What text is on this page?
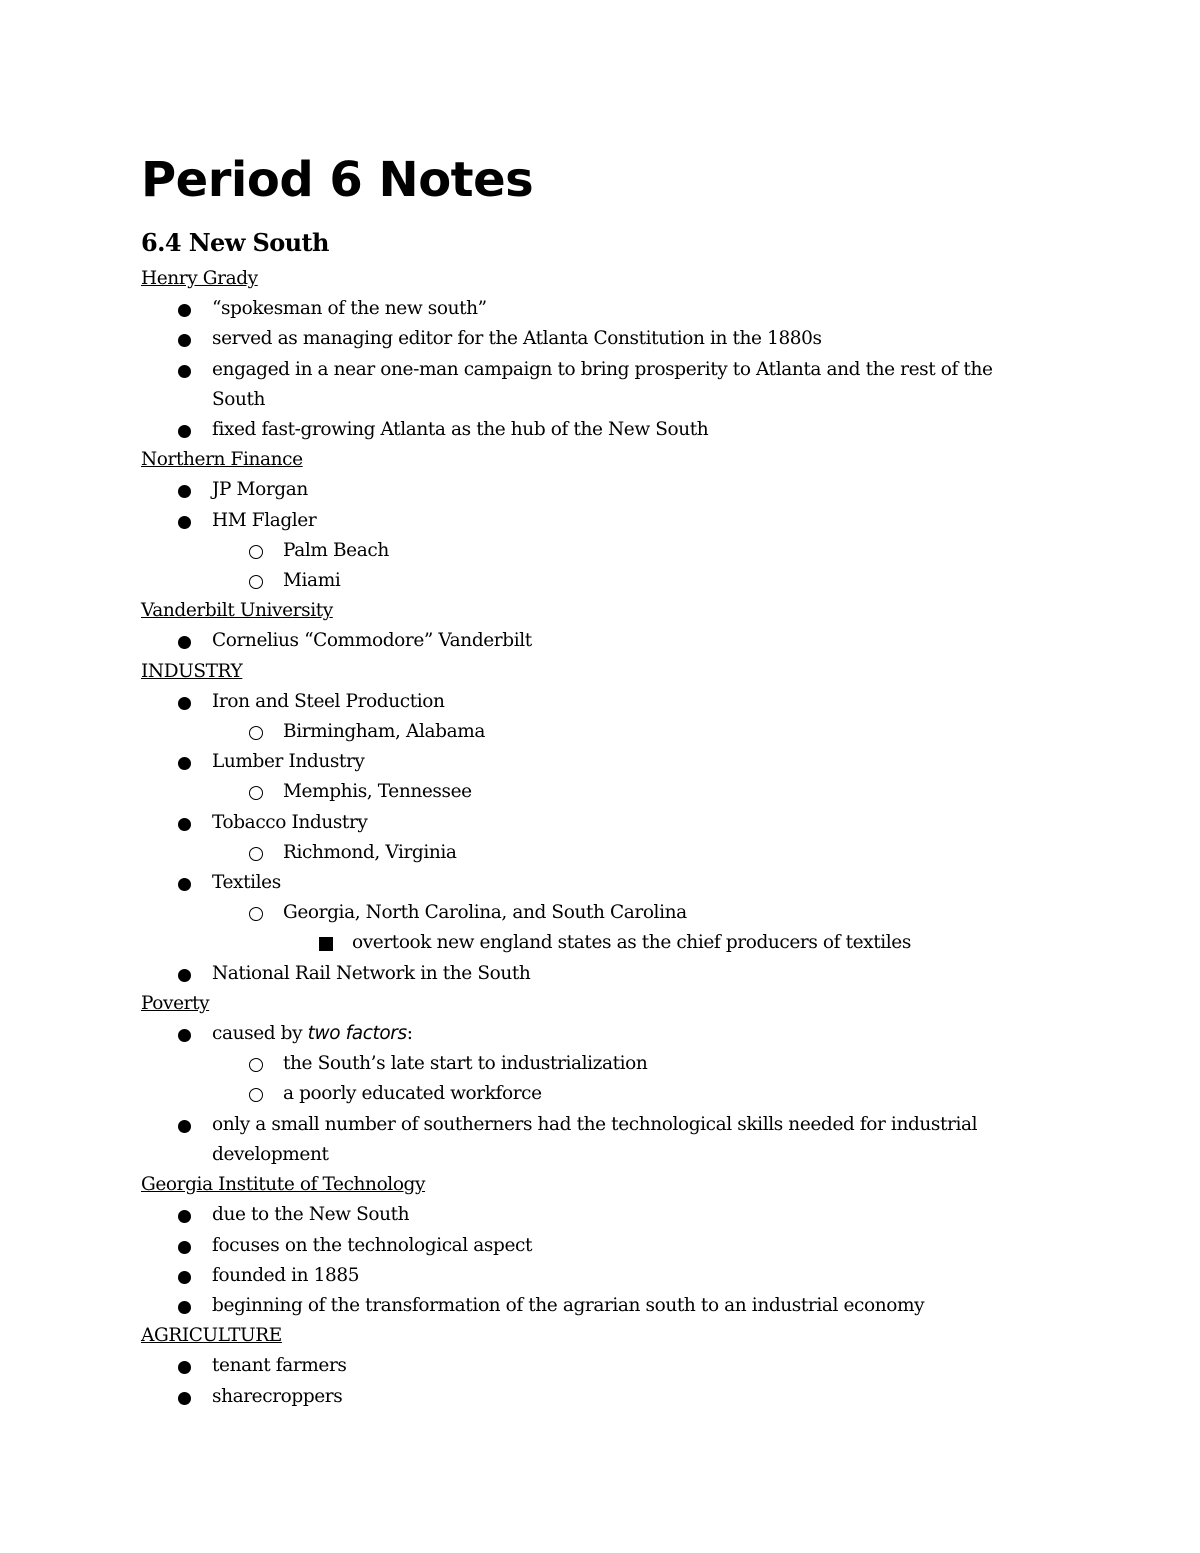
Period 6 Notes
6.4 New South
Henry Grady
“spokesman of the new south”
served as managing editor for the Atlanta Constitution in the 1880s
engaged in a near one-man campaign to bring prosperity to Atlanta and the rest of the South
fixed fast-growing Atlanta as the hub of the New South
Northern Finance
JP Morgan
HM Flagler
Palm Beach
Miami
Vanderbilt University
Cornelius “Commodore” Vanderbilt
INDUSTRY
Iron and Steel Production
Birmingham, Alabama
Lumber Industry
Memphis, Tennessee
Tobacco Industry
Richmond, Virginia
Textiles
Georgia, North Carolina, and South Carolina
overtook new england states as the chief producers of textiles
National Rail Network in the South
Poverty
caused by two factors:
the South’s late start to industrialization
a poorly educated workforce
only a small number of southerners had the technological skills needed for industrial development
Georgia Institute of Technology
due to the New South
focuses on the technological aspect
founded in 1885
beginning of the transformation of the agrarian south to an industrial economy
AGRICULTURE
tenant farmers
sharecroppers
